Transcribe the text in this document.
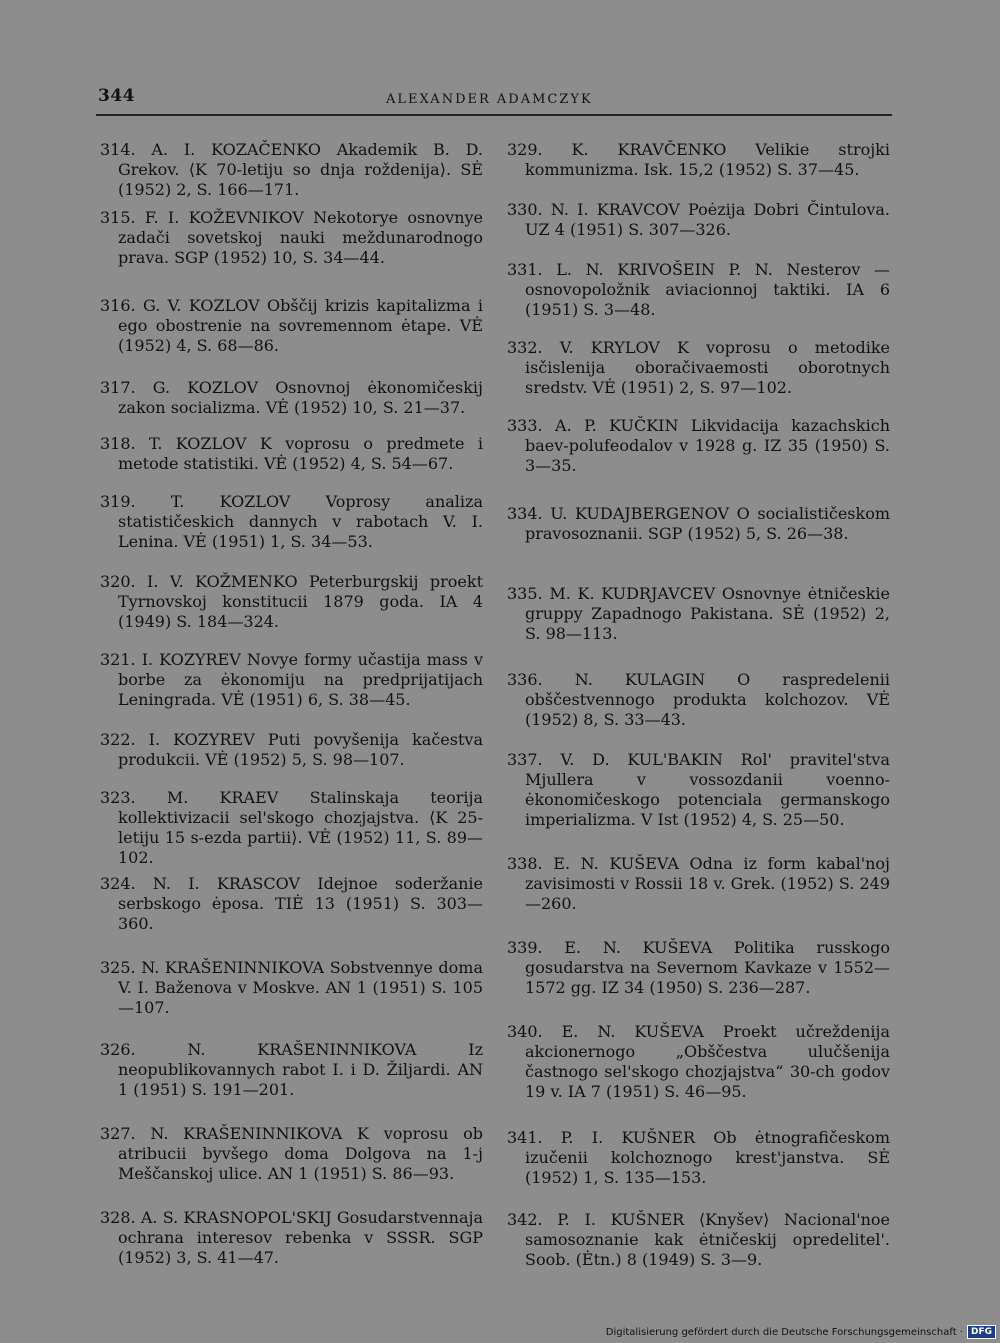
344	ALEXANDER ADAMCZYK
314. A. I. KOZAČENKO Akademik B. D. Grekov. ⟨K 70-letiju so dnja roždenija⟩. SĖ (1952) 2, S. 166—171.
315. F. I. KOŽEVNIKOV Nekotorye osnovnye zadači sovetskoj nauki meždunarodnogo prava. SGP (1952) 10, S. 34—44.
316. G. V. KOZLOV Obščij krizis kapitalizma i ego obostrenie na sovremennom ėtape. VĖ (1952) 4, S. 68—86.
317. G. KOZLOV Osnovnoj ėkonomičeskij zakon socializma. VĖ (1952) 10, S. 21—37.
318. T. KOZLOV K voprosu o predmete i metode statistiki. VĖ (1952) 4, S. 54—67.
319. T. KOZLOV Voprosy analiza statističeskich dannych v rabotach V. I. Lenina. VĖ (1951) 1, S. 34—53.
320. I. V. KOŽMENKO Peterburgskij proekt Tyrnovskoj konstitucii 1879 goda. IA 4 (1949) S. 184—324.
321. I. KOZYREV Novye formy učastija mass v borbe za ėkonomiju na predprijatijach Leningrada. VĖ (1951) 6, S. 38—45.
322. I. KOZYREV Puti povyšenija kačestva produkcii. VĖ (1952) 5, S. 98—107.
323. M. KRAEV Stalinskaja teorija kollektivizacii sel'skogo chozjajstva. ⟨K 25-letiju 15 s-ezda partii⟩. VĖ (1952) 11, S. 89—102.
324. N. I. KRASCOV Idejnoe soderžanie serbskogo ėposa. TIĖ 13 (1951) S. 303—360.
325. N. KRAŠENINNIKOVA Sobstvennye doma V. I. Baženova v Moskve. AN 1 (1951) S. 105—107.
326. N. KRAŠENINNIKOVA Iz neopublikovannych rabot I. i D. Žiljardi. AN 1 (1951) S. 191—201.
327. N. KRAŠENINNIKOVA K voprosu ob atribucii byvšego doma Dolgova na 1-j Meščanskoj ulice. AN 1 (1951) S. 86—93.
328. A. S. KRASNOPOL'SKIJ Gosudarstvennaja ochrana interesov rebenka v SSSR. SGP (1952) 3, S. 41—47.
329. K. KRAVČENKO Velikie strojki kommunizma. Isk. 15,2 (1952) S. 37—45.
330. N. I. KRAVCOV Poėzija Dobri Čintulova. UZ 4 (1951) S. 307—326.
331. L. N. KRIVOŠEIN P. N. Nesterov — osnovopoložnik aviacionnoj taktiki. IA 6 (1951) S. 3—48.
332. V. KRYLOV K voprosu o metodike isčislenija oboračivaemosti oborotnych sredstv. VĖ (1951) 2, S. 97—102.
333. A. P. KUČKIN Likvidacija kazachskich baev-polufeodalov v 1928 g. IZ 35 (1950) S. 3—35.
334. U. KUDAJBERGENOV O socialističeskom pravosoznanii. SGP (1952) 5, S. 26—38.
335. M. K. KUDRJAVCEV Osnovnye ėtničeskie gruppy Zapadnogo Pakistana. SĖ (1952) 2, S. 98—113.
336. N. KULAGIN O raspredelenii obščestvennogo produkta kolchozov. VĖ (1952) 8, S. 33—43.
337. V. D. KUL'BAKIN Rol' pravitel'stva Mjullera v vossozdanii voenno-ėkonomičeskogo potenciala germanskogo imperializma. V Ist (1952) 4, S. 25—50.
338. E. N. KUŠEVA Odna iz form kabal'noj zavisimosti v Rossii 18 v. Grek. (1952) S. 249—260.
339. E. N. KUŠEVA Politika russkogo gosudarstva na Severnom Kavkaze v 1552—1572 gg. IZ 34 (1950) S. 236—287.
340. E. N. KUŠEVA Proekt učreždenija akcionernogo „Obščestva ulučšenija častnogo sel'skogo chozjajstva“ 30-ch godov 19 v. IA 7 (1951) S. 46—95.
341. P. I. KUŠNER Ob ėtnografičeskom izučenii kolchoznogo krest'janstva. SĖ (1952) 1, S. 135—153.
342. P. I. KUŠNER ⟨Knyšev⟩ Nacional'noe samosoznanie kak ėtničeskij opredelitel'. Soob. (Ėtn.) 8 (1949) S. 3—9.
Digitalisierung gefördert durch die Deutsche Forschungsgemeinschaft · DFG
